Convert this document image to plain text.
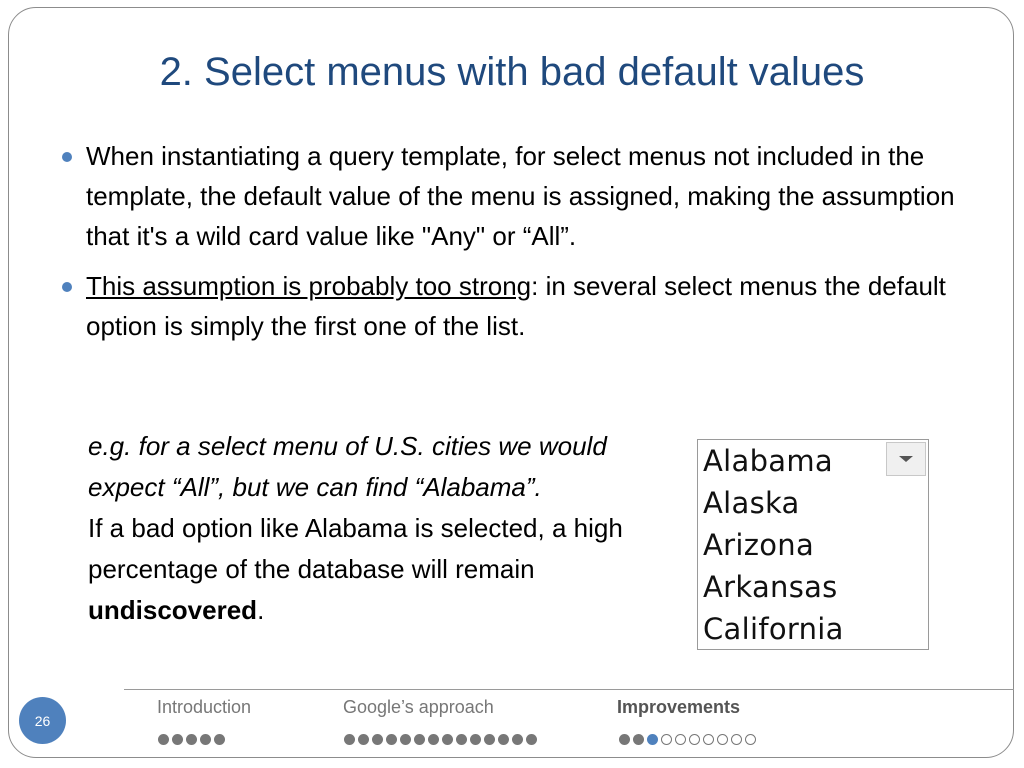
2. Select menus with bad default values
When instantiating a query template, for select menus not included in the template, the default value of the menu is assigned, making the assumption that it's a wild card value like "Any" or “All”.
This assumption is probably too strong: in several select menus the default option is simply the first one of the list.
e.g. for a select menu of U.S. cities we would expect “All”, but we can find “Alabama”.
If a bad option like Alabama is selected, a high percentage of the database will remain undiscovered.
Alabama
Alaska
Arizona
Arkansas
California
26
Introduction	Google’s approach	Improvements
